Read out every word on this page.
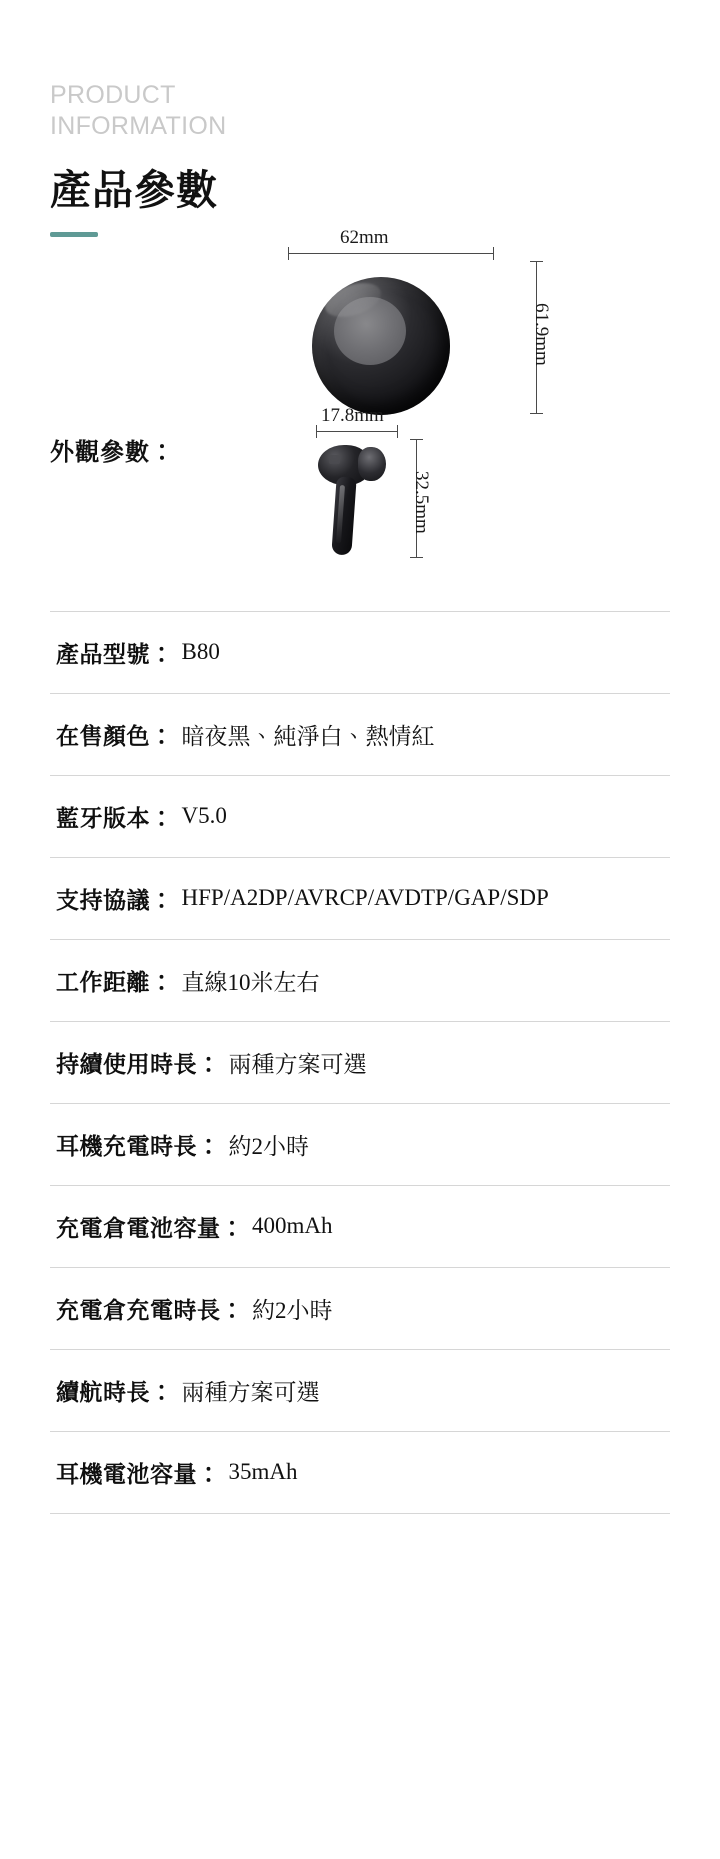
PRODUCT
INFORMATION
產品參數
外觀參數：
62mm
61.9mm
17.8mm
32.5mm
產品型號： B80
在售顏色： 暗夜黑、純淨白、熱情紅
藍牙版本： V5.0
支持協議： HFP/A2DP/AVRCP/AVDTP/GAP/SDP
工作距離： 直線10米左右
持續使用時長： 兩種方案可選
耳機充電時長： 約2小時
充電倉電池容量： 400mAh
充電倉充電時長： 約2小時
續航時長： 兩種方案可選
耳機電池容量： 35mAh
